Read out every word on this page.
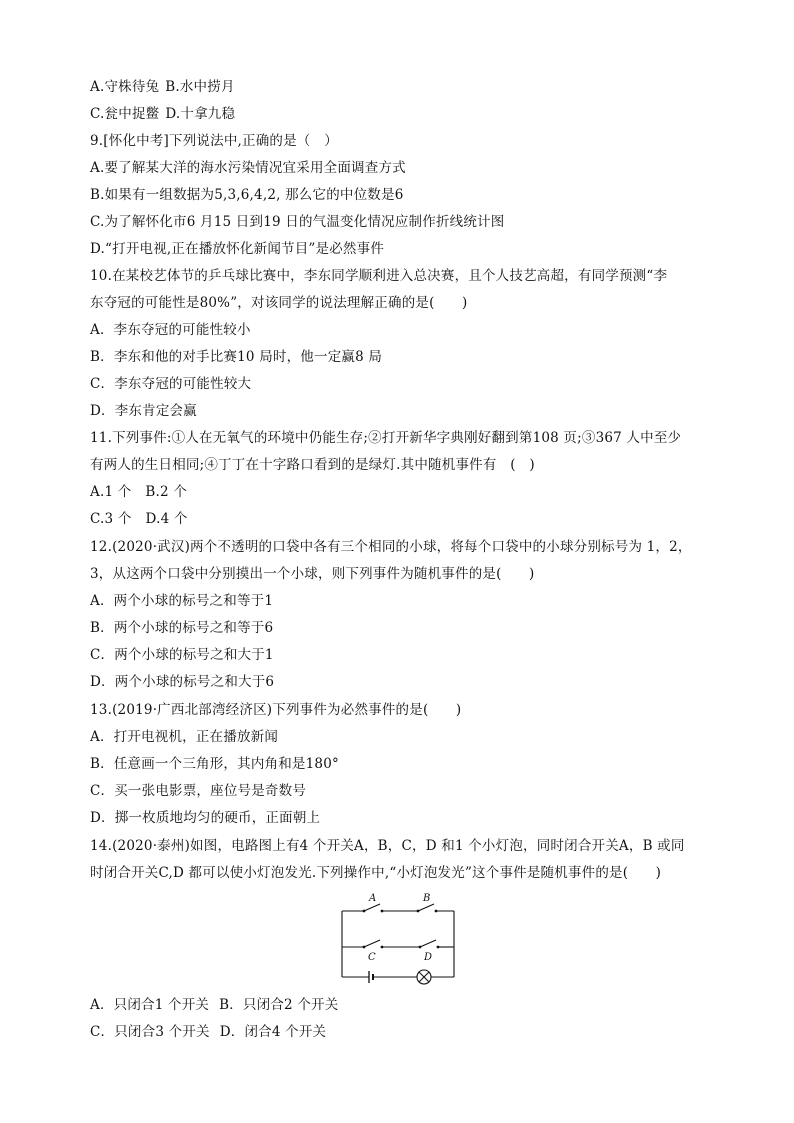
A.守株待兔 B.水中捞月
C.瓮中捉鳖 D.十拿九稳
9.[怀化中考]下列说法中,正确的是（　）
A.要了解某大洋的海水污染情况宜采用全面调查方式
B.如果有一组数据为5,3,6,4,2, 那么它的中位数是6
C.为了解怀化市6 月15 日到19 日的气温变化情况应制作折线统计图
D.“打开电视,正在播放怀化新闻节目”是必然事件
10.在某校艺体节的乒乓球比赛中，李东同学顺利进入总决赛，且个人技艺高超，有同学预测“李
东夺冠的可能性是80%”，对该同学的说法理解正确的是(　　)
A．李东夺冠的可能性较小
B．李东和他的对手比赛10 局时，他一定赢8 局
C．李东夺冠的可能性较大
D．李东肯定会赢
11.下列事件:①人在无氧气的环境中仍能生存;②打开新华字典刚好翻到第108 页;③367 人中至少
有两人的生日相同;④丁丁在十字路口看到的是绿灯.其中随机事件有　(　)
A.1 个 B.2 个
C.3 个 D.4 个
12.(2020·武汉)两个不透明的口袋中各有三个相同的小球，将每个口袋中的小球分别标号为 1，2，
3，从这两个口袋中分别摸出一个小球，则下列事件为随机事件的是(　　)
A．两个小球的标号之和等于1
B．两个小球的标号之和等于6
C．两个小球的标号之和大于1
D．两个小球的标号之和大于6
13.(2019·广西北部湾经济区)下列事件为必然事件的是(　　)
A．打开电视机，正在播放新闻
B．任意画一个三角形，其内角和是180°
C．买一张电影票，座位号是奇数号
D．掷一枚质地均匀的硬币，正面朝上
14.(2020·泰州)如图，电路图上有4 个开关A，B，C，D 和1 个小灯泡，同时闭合开关A，B 或同
时闭合开关C,D 都可以使小灯泡发光.下列操作中,“小灯泡发光”这个事件是随机事件的是(　　)
A	B
C	D
A．只闭合1 个开关 B．只闭合2 个开关
C．只闭合3 个开关 D．闭合4 个开关
